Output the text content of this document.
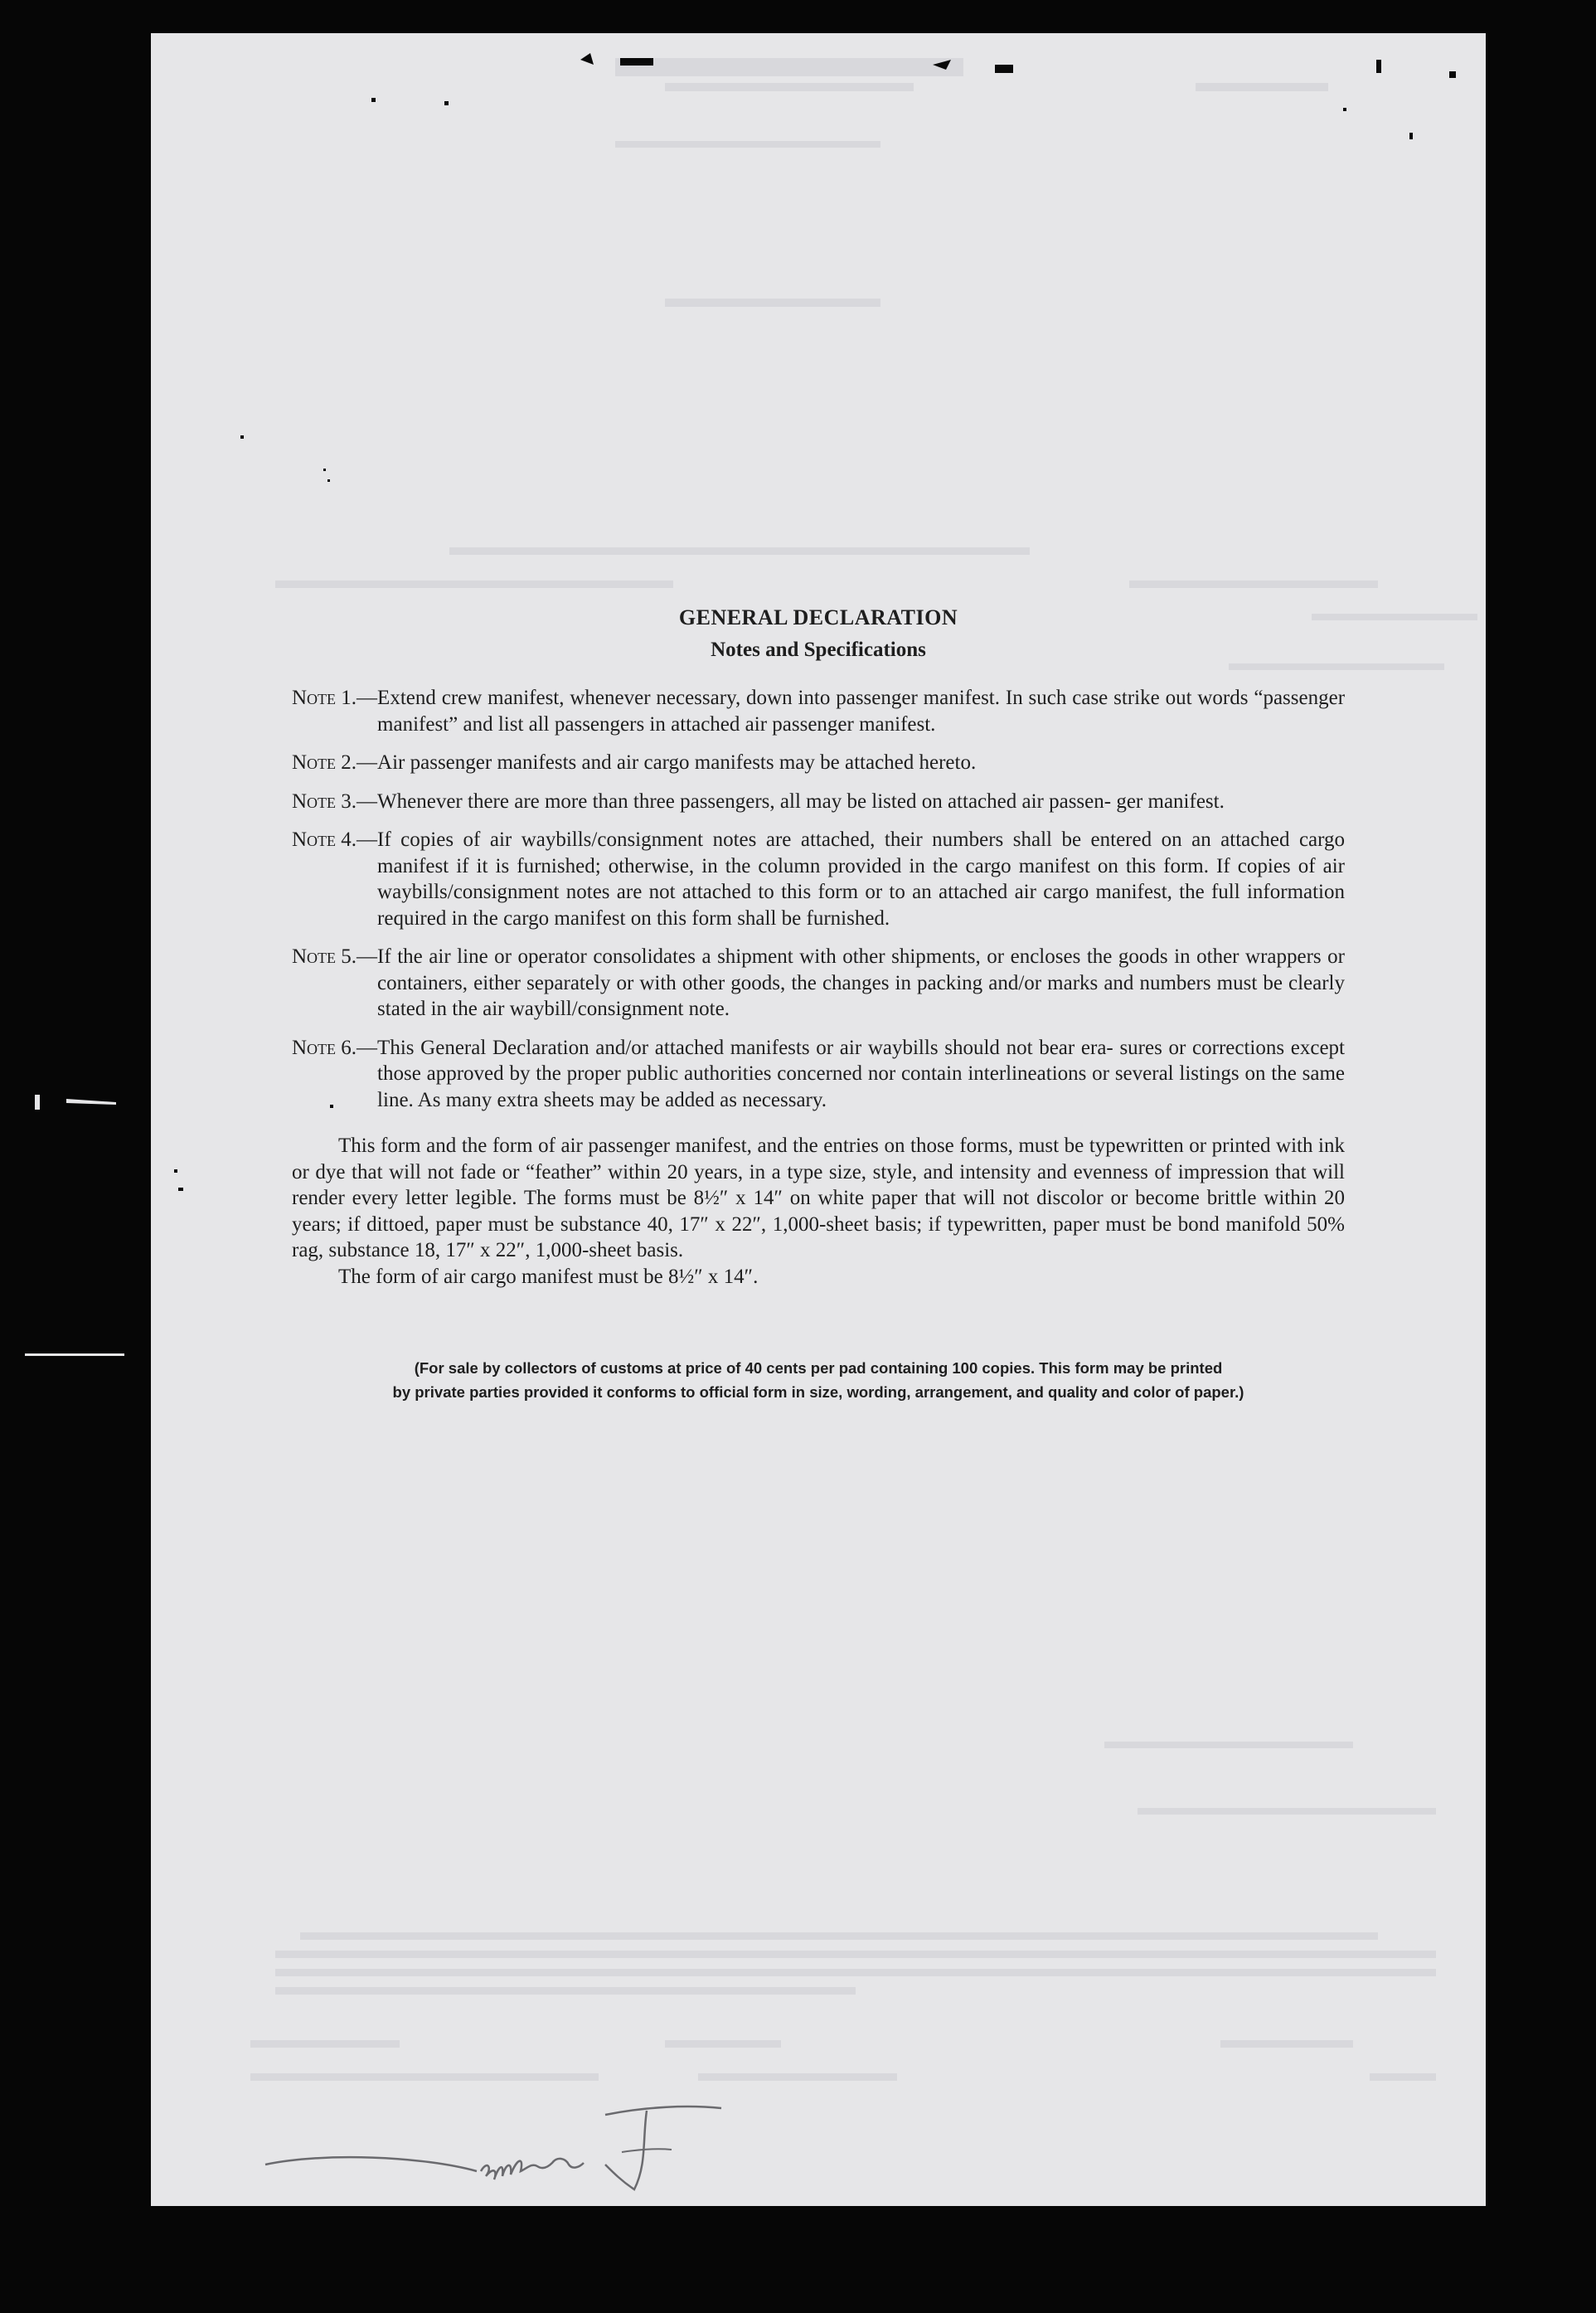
GENERAL DECLARATION
Notes and Specifications
Note 1.— Extend crew manifest, whenever necessary, down into passenger manifest. In such case strike out words “passenger manifest” and list all passengers in attached air passenger manifest.
Note 2.— Air passenger manifests and air cargo manifests may be attached hereto.
Note 3.— Whenever there are more than three passengers, all may be listed on attached air passen- ger manifest.
Note 4.— If copies of air waybills/consignment notes are attached, their numbers shall be entered on an attached cargo manifest if it is furnished; otherwise, in the column provided in the cargo manifest on this form. If copies of air waybills/consignment notes are not attached to this form or to an attached air cargo manifest, the full information required in the cargo manifest on this form shall be furnished.
Note 5.— If the air line or operator consolidates a shipment with other shipments, or encloses the goods in other wrappers or containers, either separately or with other goods, the changes in packing and/or marks and numbers must be clearly stated in the air waybill/consignment note.
Note 6.— This General Declaration and/or attached manifests or air waybills should not bear era- sures or corrections except those approved by the proper public authorities concerned nor contain interlineations or several listings on the same line. As many extra sheets may be added as necessary.

This form and the form of air passenger manifest, and the entries on those forms, must be typewritten or printed with ink or dye that will not fade or “feather” within 20 years, in a type size, style, and intensity and evenness of impression that will render every letter legible. The forms must be 8½″ x 14″ on white paper that will not discolor or become brittle within 20 years; if dittoed, paper must be substance 40, 17″ x 22″, 1,000-sheet basis; if typewritten, paper must be bond manifold 50% rag, substance 18, 17″ x 22″, 1,000-sheet basis.

The form of air cargo manifest must be 8½″ x 14″.

(For sale by collectors of customs at price of 40 cents per pad containing 100 copies. This form may be printed
by private parties provided it conforms to official form in size, wording, arrangement, and quality and color of paper.)
